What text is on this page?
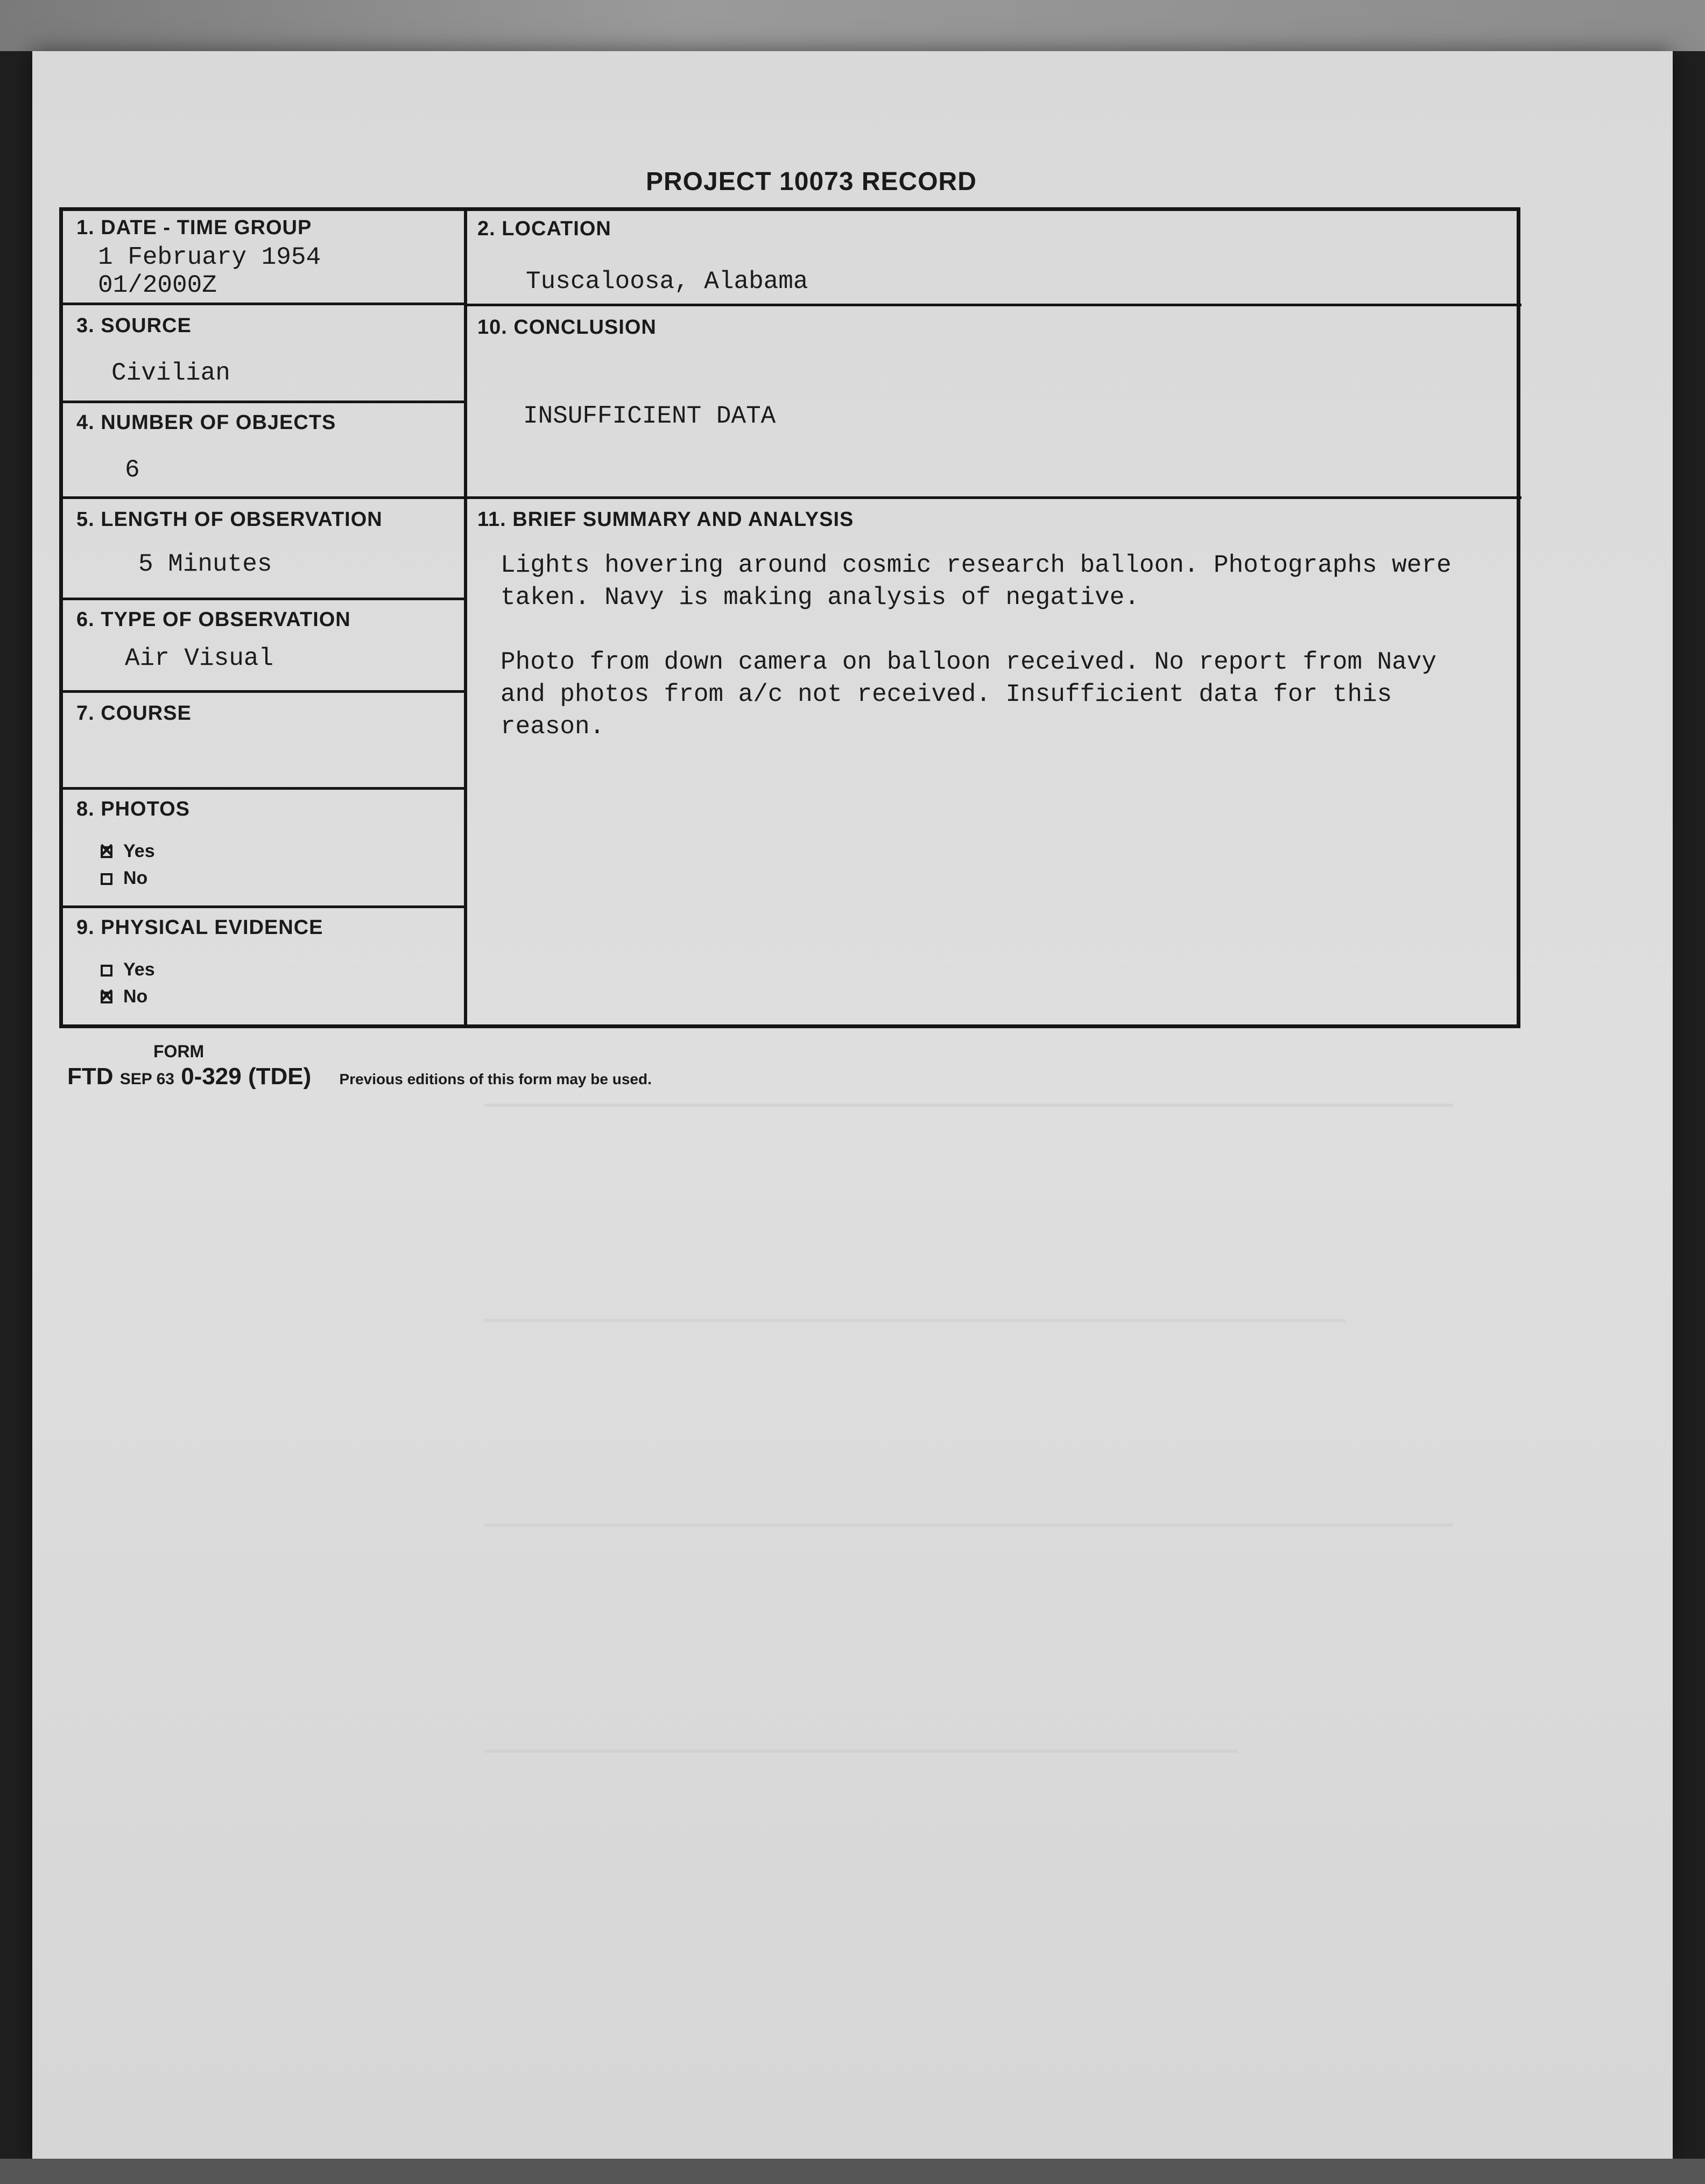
PROJECT 10073 RECORD
1. DATE - TIME GROUP
1 February 1954
01/2000Z
2. LOCATION
Tuscaloosa, Alabama
3. SOURCE
Civilian
4. NUMBER OF OBJECTS
6
5. LENGTH OF OBSERVATION
5 Minutes
6. TYPE OF OBSERVATION
Air Visual
7. COURSE
8. PHOTOS
✕Yes
No
9. PHYSICAL EVIDENCE
Yes
✕No
10. CONCLUSION
INSUFFICIENT DATA
11. BRIEF SUMMARY AND ANALYSIS

Lights hovering around cosmic research balloon. Photographs were taken. Navy is making analysis of negative.

Photo from down camera on balloon received. No report from Navy and photos from a/c not received. Insufficient data for this reason.

FORM
FTD SEP 63 0-329 (TDE) Previous editions of this form may be used.
